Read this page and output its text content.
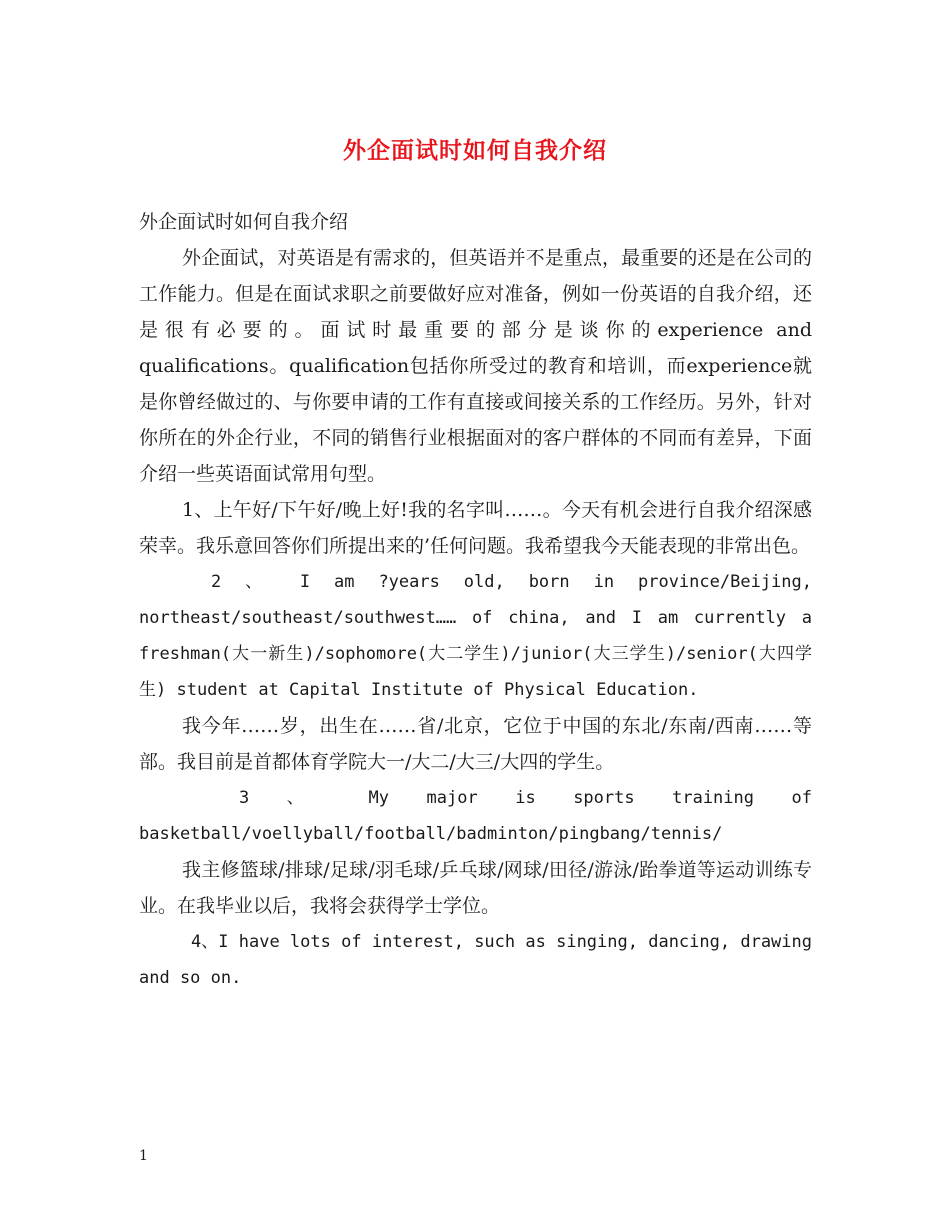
外企面试时如何自我介绍

外企面试时如何自我介绍

外企面试，对英语是有需求的，但英语并不是重点，最重要的还是在公司的工作能力。但是在面试求职之前要做好应对准备，例如一份英语的自我介绍，还是很有必要的。面试时最重要的部分是谈你的experience and qualifications。qualification包括你所受过的教育和培训，而experience就是你曾经做过的、与你要申请的工作有直接或间接关系的工作经历。另外，针对你所在的外企行业，不同的销售行业根据面对的客户群体的不同而有差异，下面介绍一些英语面试常用句型。

1、上午好/下午好/晚上好!我的名字叫……。今天有机会进行自我介绍深感荣幸。我乐意回答你们所提出来的’任何问题。我希望我今天能表现的非常出色。

2 、 I am ?years old, born in province/Beijing,

northeast/southeast/southwest…… of china, and I am currently a freshman(大一新生)/sophomore(大二学生)/junior(大三学生)/senior(大四学生) student at Capital Institute of Physical Education.

我今年……岁，出生在……省/北京，它位于中国的东北/东南/西南……等部。我目前是首都体育学院大一/大二/大三/大四的学生。

3 、 My major is sports training of

basketball/voellyball/football/badminton/pingbang/tennis/

我主修篮球/排球/足球/羽毛球/乒乓球/网球/田径/游泳/跆拳道等运动训练专业。在我毕业以后，我将会获得学士学位。

4、I have lots of interest, such as singing, dancing, drawing and so on.

1
